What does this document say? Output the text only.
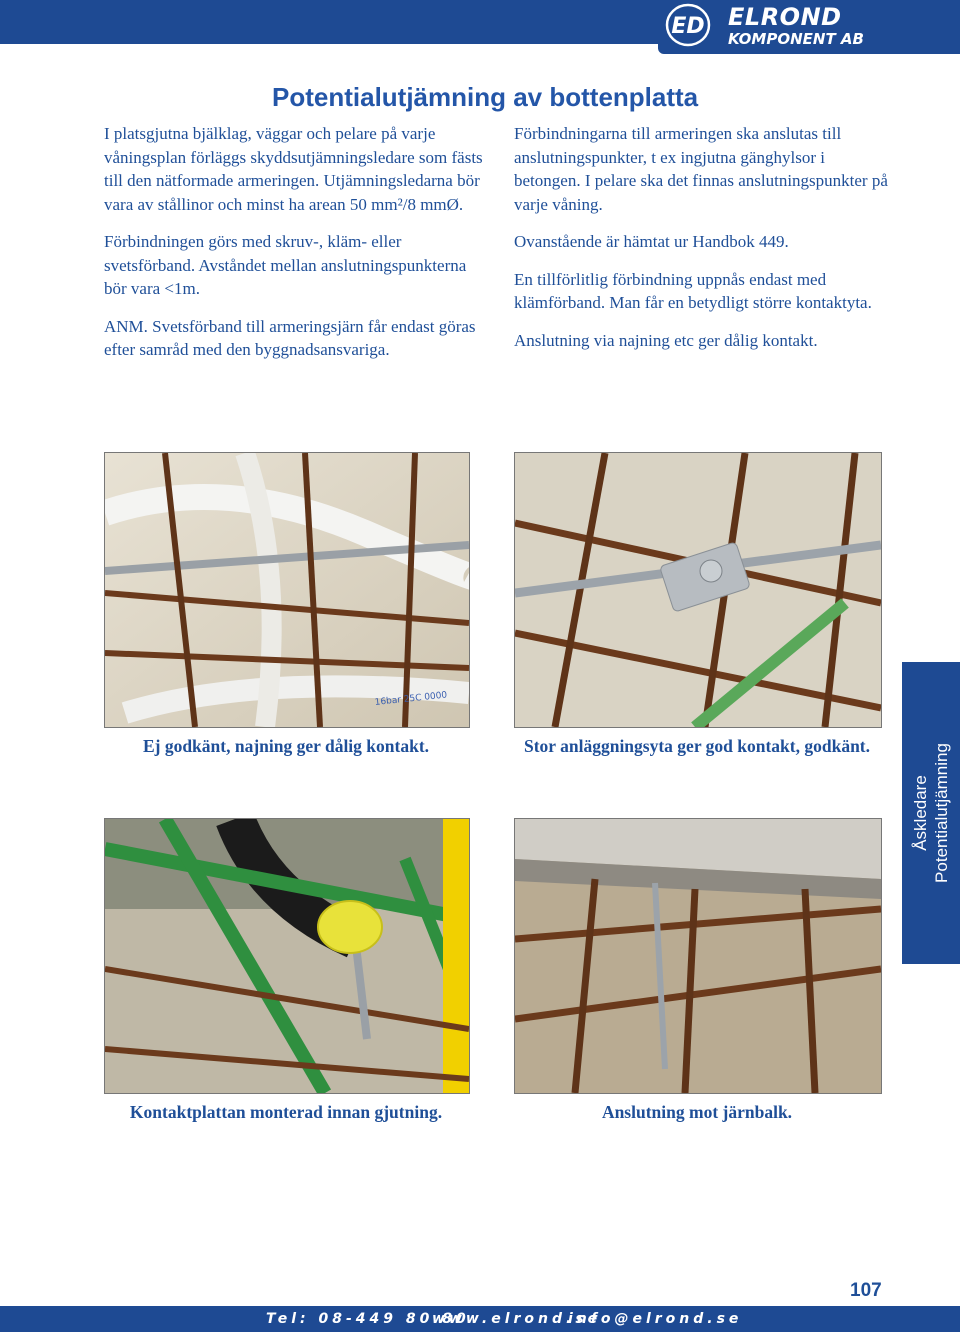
ED ELROND
KOMPONENT AB
Potentialutjämning av bottenplatta

I platsgjutna bjälklag, väggar och pelare på varje våningsplan förläggs skyddsutjämningsledare som fästs till den nätformade armeringen. Utjämningsledarna bör vara av stållinor och minst ha arean 50 mm²/8 mmØ.

Förbindningen görs med skruv-, kläm- eller svetsförband. Avståndet mellan anslutningspunkterna bör vara <1m.

ANM. Svetsförband till armeringsjärn får endast göras efter samråd med den byggnadsansvariga.

Förbindningarna till armeringen ska anslutas till anslutningspunkter, t ex ingjutna gänghylsor i betongen. I pelare ska det finnas anslutningspunkter på varje våning.

Ovanstående är hämtat ur Handbok 449.

En tillförlitlig förbindning uppnås endast med klämförband. Man får en betydligt större kontaktyta.

Anslutning via najning etc ger dålig kontakt.

16bar 25C 0000
Ej godkänt, najning ger dålig kontakt.	Stor anläggningsyta ger god kontakt, godkänt.
Kontaktplattan monterad innan gjutning.	Anslutning mot järnbalk.
Åskledare Potentialutjämning
107
Tel: 08-449 80 80
www.elrond.se
info@elrond.se
